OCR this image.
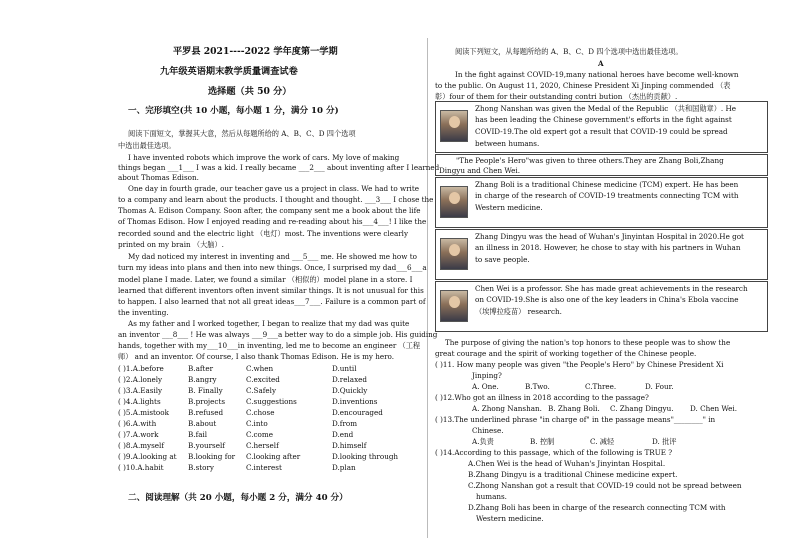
平罗县 2021----2022 学年度第一学期
九年级英语期末教学质量调查试卷
选择题（共 50 分）
一、完形填空(共 10 小题，每小题 1 分，满分 10 分)
阅读下面短文，掌握其大意，然后从每题所给的 A、B、C、D 四个选项
中选出最佳选项。
I have invented robots which improve the work of cars. My love of making
things began ___1___ I was a kid. I really became ___2___ about inventing after I learned
about Thomas Edison.
One day in fourth grade, our teacher gave us a project in class. We had to write
to a company and learn about the products. I thought and thought. ___3___ I chose the
Thomas A. Edison Company. Soon after, the company sent me a book about the life
of Thomas Edison. How I enjoyed reading and re-reading about his___4___! I like the
recorded sound and the electric light （电灯）most. The inventions were clearly
printed on my brain （大脑）.
My dad noticed my interest in inventing and ___5___ me. He showed me how to
turn my ideas into plans and then into new things. Once, I surprised my dad___6___a
model plane I made. Later, we found a similar （相似的）model plane in a store. I
learned that different inventors often invent similar things. It is not unusual for this
to happen. I also learned that not all great ideas___7___. Failure is a common part of
the inventing.
As my father and I worked together, I began to realize that my dad was quite
an inventor ___8___ ! He was always ___9___a better way to do a simple job. His guiding
hands, together with my___10___in inventing, led me to become an engineer （工程
师） and an inventor. Of course, I also thank Thomas Edison. He is my hero.
( )1.A.before	B.after	C.when	D.until
( )2.A.lonely	B.angry	C.excited	D.relaxed
( )3.A.Easily	B. Finally	C.Safely	D.Quickly
( )4.A.lights	B.projects	C.suggestions	D.inventions
( )5.A.mistook	B.refused	C.chose	D.encouraged
( )6.A.with	B.about	C.into	D.from
( )7.A.work	B.fail	C.come	D.end
( )8.A.myself	B.yourself	C.herself	D.himself
( )9.A.looking at B.looking for C.looking after	D.looking through
( )10.A.habit	B.story	C.interest	D.plan
二、阅读理解（共 20 小题，每小题 2 分，满分 40 分）
阅读下列短文，从每题所给的 A、B、C、D 四个选项中选出最佳选项。
A
In the fight against COVID-19,many national heroes have become well-known
to the public. On August 11, 2020, Chinese President Xi Jinping commended （表
彰）four of them for their outstanding contri bution （杰出的贡献）.
Zhong Nanshan was given the Medal of the Republic （共和国勋章）. He
has been leading the Chinese government's efforts in the fight against
COVID-19.The old expert got a result that COVID-19 could be spread
between humans.
"The People's Hero"was given to three others.They are Zhang Boli,Zhang
Dingyu and Chen Wei.
Zhang Boli is a traditional Chinese medicine (TCM) expert. He has been
in charge of the research of COVID-19 treatments connecting TCM with
Western medicine.
Zhang Dingyu was the head of Wuhan's Jinyintan Hospital in 2020.He got
an illness in 2018. However, he chose to stay with his partners in Wuhan
to save people.
Chen Wei is a professor. She has made great achievements in the research
on COVID-19.She is also one of the key leaders in China's Ebola vaccine
（埃博拉疫苗） research.
The purpose of giving the nation's top honors to these people was to show the
great courage and the spirit of working together of the Chinese people.
( )11. How many people was given "the People's Hero" by Chinese President Xi
Jinping?
A. One.	B.Two.	C.Three.	D. Four.
( )12.Who got an illness in 2018 according to the passage?
A. Zhong Nanshan. B. Zhang Boli. C. Zhang Dingyu. D. Chen Wei.
( )13.The underlined phrase "in charge of" in the passage means"________" in
Chinese.
A.负责	B. 控制	C. 减轻	D. 批评
( )14.According to this passage, which of the following is TRUE ?
A.Chen Wei is the head of Wuhan's Jinyintan Hospital.
B.Zhang Dingyu is a traditional Chinese medicine expert.
C.Zhong Nanshan got a result that COVID-19 could not be spread between
humans.
D.Zhang Boli has been in charge of the research connecting TCM with
Western medicine.
